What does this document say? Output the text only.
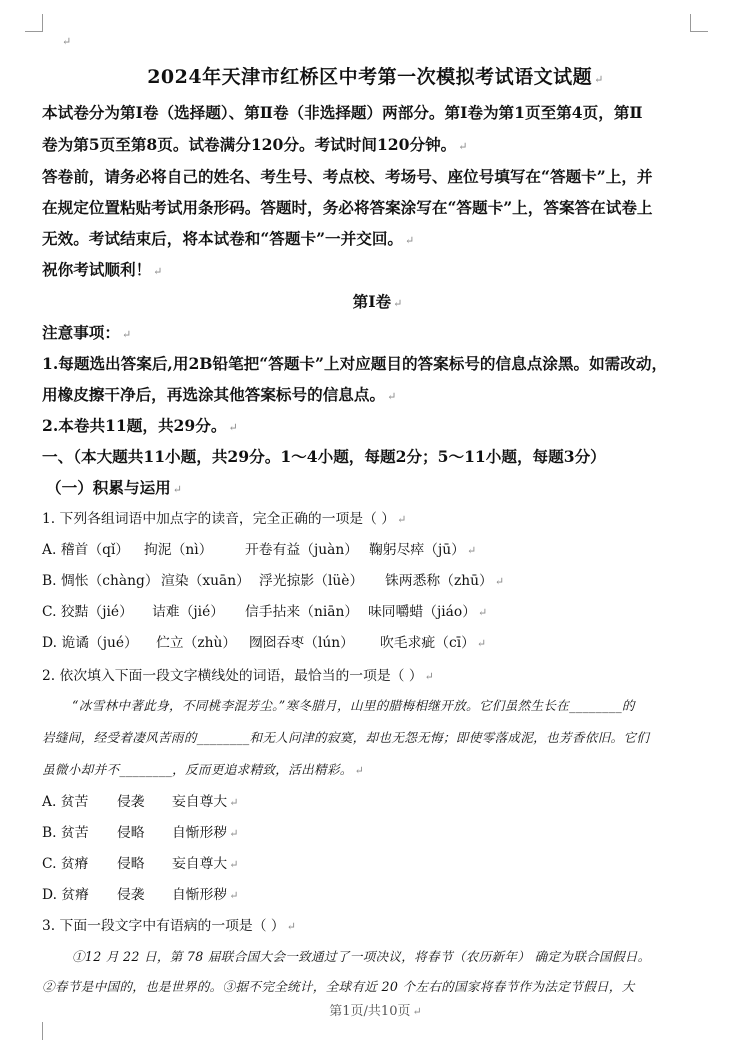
↵
2024年天津市红桥区中考第一次模拟考试语文试题 ↵
本试卷分为第Ⅰ卷（选择题）、第Ⅱ卷（非选择题）两部分。第Ⅰ卷为第1页至第4页，第Ⅱ
卷为第5页至第8页。试卷满分120分。考试时间120分钟。 ↵
答卷前，请务必将自己的姓名、考生号、考点校、考场号、座位号填写在“答题卡”上，并
在规定位置粘贴考试用条形码。答题时，务必将答案涂写在“答题卡”上，答案答在试卷上
无效。考试结束后，将本试卷和“答题卡”一并交回。 ↵
祝你考试顺利！ ↵
第Ⅰ卷 ↵
注意事项： ↵
1.每题选出答案后,用2B铅笔把“答题卡”上对应题目的答案标号的信息点涂黑。如需改动，
用橡皮擦干净后，再选涂其他答案标号的信息点。 ↵
2.本卷共11题，共29分。 ↵
一、（本大题共11小题，共29分。1～4小题，每题2分；5～11小题，每题3分）
（一）积累与运用 ↵
1. 下列各组词语中加点字的读音，完全正确的一项是（ ） ↵
A. 稽首（qǐ） 拘泥（nì） 开卷有益（juàn） 鞠躬尽瘁（jū） ↵
B. 惆怅（chàng） 渲染（xuān） 浮光掠影（lüè） 铢两悉称（zhū） ↵
C. 狡黠（jié） 诘难（jié） 信手拈来（niān） 味同嚼蜡（jiáo） ↵
D. 诡谲（jué） 伫立（zhù） 囫囵吞枣（lún） 吹毛求疵（cī） ↵
2. 依次填入下面一段文字横线处的词语，最恰当的一项是（ ） ↵
“冰雪林中著此身，不同桃李混芳尘。”寒冬腊月，山里的腊梅相继开放。它们虽然生长在________的
岩缝间，经受着凄风苦雨的________和无人问津的寂寞，却也无怨无悔；即使零落成泥，也芳香依旧。它们
虽微小却并不________，反而更追求精致，活出精彩。 ↵
A. 贫苦 侵袭 妄自尊大 ↵
B. 贫苦 侵略 自惭形秽 ↵
C. 贫瘠 侵略 妄自尊大 ↵
D. 贫瘠 侵袭 自惭形秽 ↵
3. 下面一段文字中有语病的一项是（ ） ↵
①12 月 22 日，第 78 届联合国大会一致通过了一项决议，将春节（农历新年） 确定为联合国假日。
②春节是中国的，也是世界的。③据不完全统计，全球有近 20 个左右的国家将春节作为法定节假日，大
第1页/共10页 ↵
